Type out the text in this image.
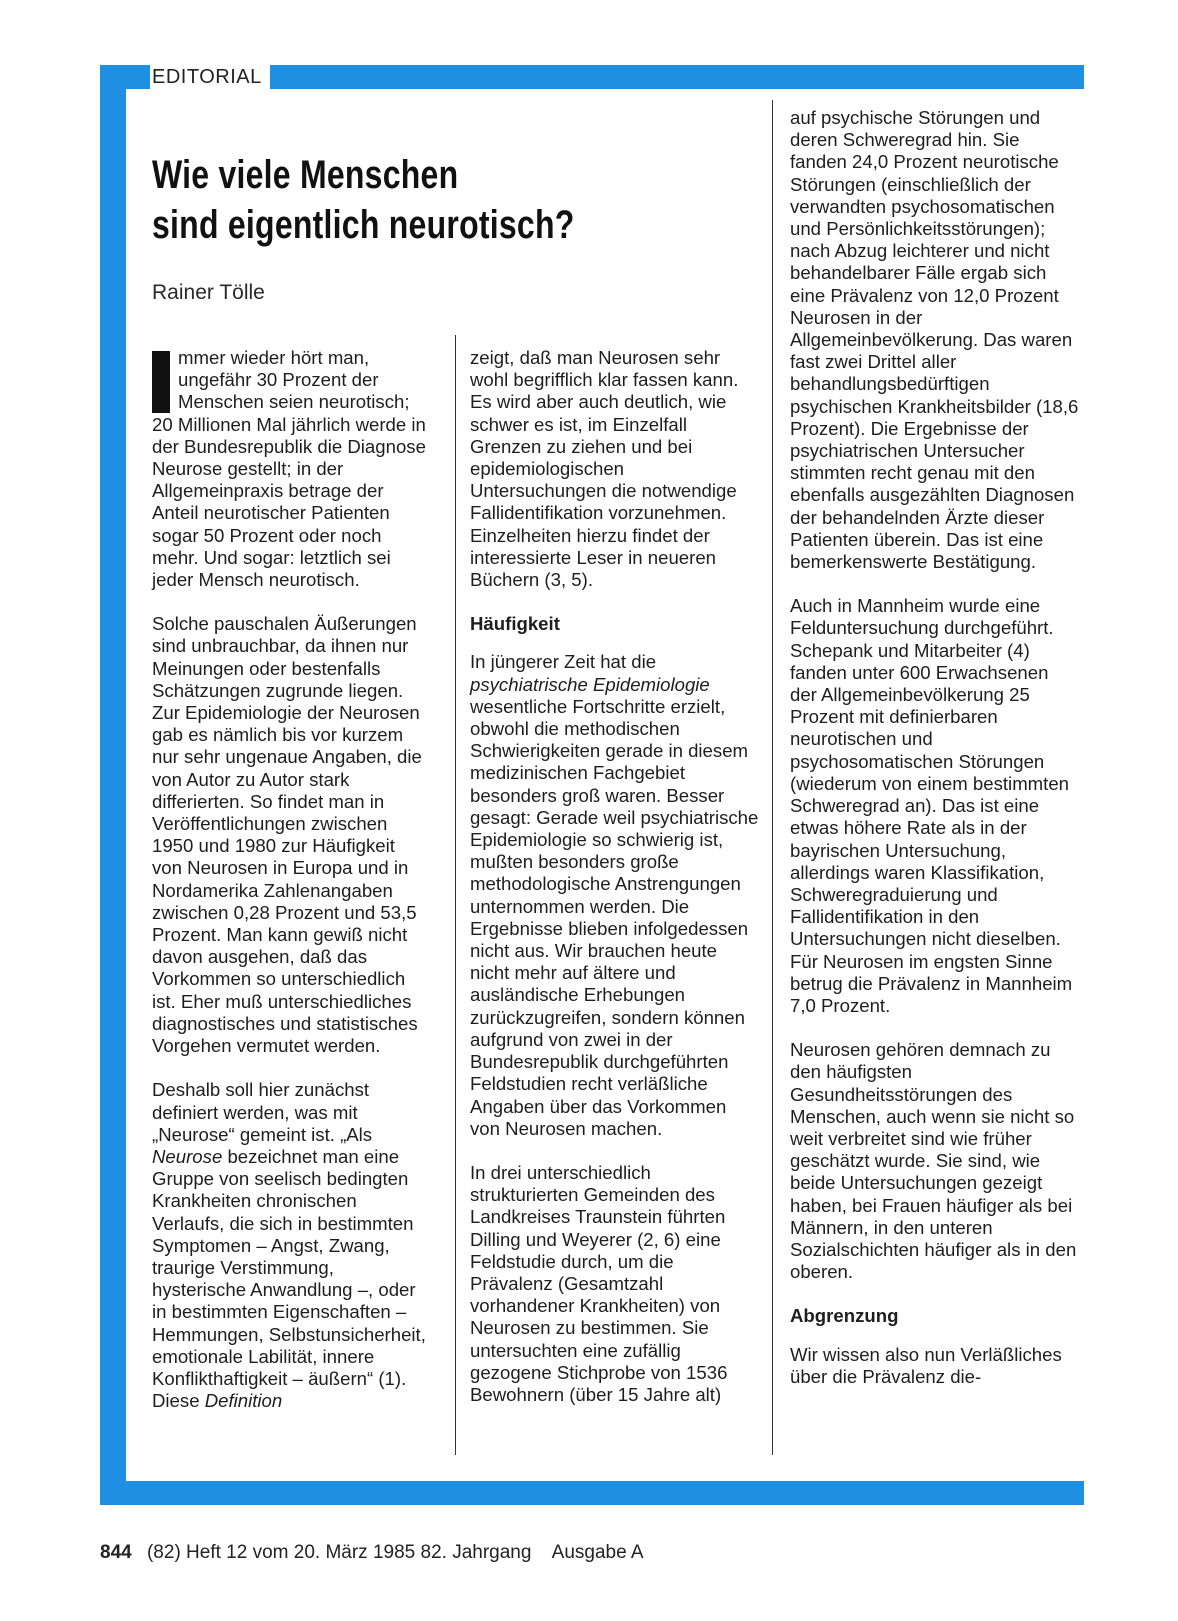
EDITORIAL
Wie viele Menschen
sind eigentlich neurotisch?
Rainer Tölle

mmer wieder hört man, ungefähr 30 Prozent der Menschen seien neurotisch; 20 Millionen Mal jährlich werde in der Bundesrepublik die Diagnose Neurose gestellt; in der Allgemeinpraxis betrage der Anteil neurotischer Patienten sogar 50 Prozent oder noch mehr. Und sogar: letztlich sei jeder Mensch neurotisch.

Solche pauschalen Äußerungen sind unbrauchbar, da ihnen nur Meinungen oder bestenfalls Schätzungen zugrunde liegen. Zur Epidemiologie der Neurosen gab es nämlich bis vor kurzem nur sehr ungenaue Angaben, die von Autor zu Autor stark differierten. So findet man in Veröffentlichungen zwischen 1950 und 1980 zur Häufigkeit von Neurosen in Europa und in Nordamerika Zahlenangaben zwischen 0,28 Prozent und 53,5 Prozent. Man kann gewiß nicht davon ausgehen, daß das Vorkommen so unterschiedlich ist. Eher muß unterschiedliches diagnostisches und statistisches Vorgehen vermutet werden.

Deshalb soll hier zunächst definiert werden, was mit „Neurose“ gemeint ist. „Als Neurose bezeichnet man eine Gruppe von seelisch bedingten Krankheiten chronischen Verlaufs, die sich in bestimmten Symptomen – Angst, Zwang, traurige Verstimmung, hysterische Anwandlung –, oder in bestimmten Eigenschaften – Hemmungen, Selbstunsicherheit, emotionale Labilität, innere Konflikthaftigkeit – äußern“ (1). Diese Definition

zeigt, daß man Neurosen sehr wohl begrifflich klar fassen kann. Es wird aber auch deutlich, wie schwer es ist, im Einzelfall Grenzen zu ziehen und bei epidemiologischen Untersuchungen die notwendige Fallidentifikation vorzunehmen. Einzelheiten hierzu findet der interessierte Leser in neueren Büchern (3, 5).

Häufigkeit

In jüngerer Zeit hat die psychiatrische Epidemiologie wesentliche Fortschritte erzielt, obwohl die methodischen Schwierigkeiten gerade in diesem medizinischen Fachgebiet besonders groß waren. Besser gesagt: Gerade weil psychiatrische Epidemiologie so schwierig ist, mußten besonders große methodologische Anstrengungen unternommen werden. Die Ergebnisse blieben infolgedessen nicht aus. Wir brauchen heute nicht mehr auf ältere und ausländische Erhebungen zurückzugreifen, sondern können aufgrund von zwei in der Bundesrepublik durchgeführten Feldstudien recht verläßliche Angaben über das Vorkommen von Neurosen machen.

In drei unterschiedlich strukturierten Gemeinden des Landkreises Traunstein führten Dilling und Weyerer (2, 6) eine Feldstudie durch, um die Prävalenz (Gesamtzahl vorhandener Krankheiten) von Neurosen zu bestimmen. Sie untersuchten eine zufällig gezogene Stichprobe von 1536 Bewohnern (über 15 Jahre alt)

auf psychische Störungen und deren Schweregrad hin. Sie fanden 24,0 Prozent neurotische Störungen (einschließlich der verwandten psychosomatischen und Persönlichkeitsstörungen); nach Abzug leichterer und nicht behandelbarer Fälle ergab sich eine Prävalenz von 12,0 Prozent Neurosen in der Allgemeinbevölkerung. Das waren fast zwei Drittel aller behandlungsbedürftigen psychischen Krankheitsbilder (18,6 Prozent). Die Ergebnisse der psychiatrischen Untersucher stimmten recht genau mit den ebenfalls ausgezählten Diagnosen der behandelnden Ärzte dieser Patienten überein. Das ist eine bemerkenswerte Bestätigung.

Auch in Mannheim wurde eine Felduntersuchung durchgeführt. Schepank und Mitarbeiter (4) fanden unter 600 Erwachsenen der Allgemeinbevölkerung 25 Prozent mit definierbaren neurotischen und psychosomatischen Störungen (wiederum von einem bestimmten Schweregrad an). Das ist eine etwas höhere Rate als in der bayrischen Untersuchung, allerdings waren Klassifikation, Schweregraduierung und Fallidentifikation in den Untersuchungen nicht dieselben. Für Neurosen im engsten Sinne betrug die Prävalenz in Mannheim 7,0 Prozent.

Neurosen gehören demnach zu den häufigsten Gesundheitsstörungen des Menschen, auch wenn sie nicht so weit verbreitet sind wie früher geschätzt wurde. Sie sind, wie beide Untersuchungen gezeigt haben, bei Frauen häufiger als bei Männern, in den unteren Sozialschichten häufiger als in den oberen.

Abgrenzung

Wir wissen also nun Verläßliches über die Prävalenz die-

844 (82) Heft 12 vom 20. März 1985 82. Jahrgang Ausgabe A
